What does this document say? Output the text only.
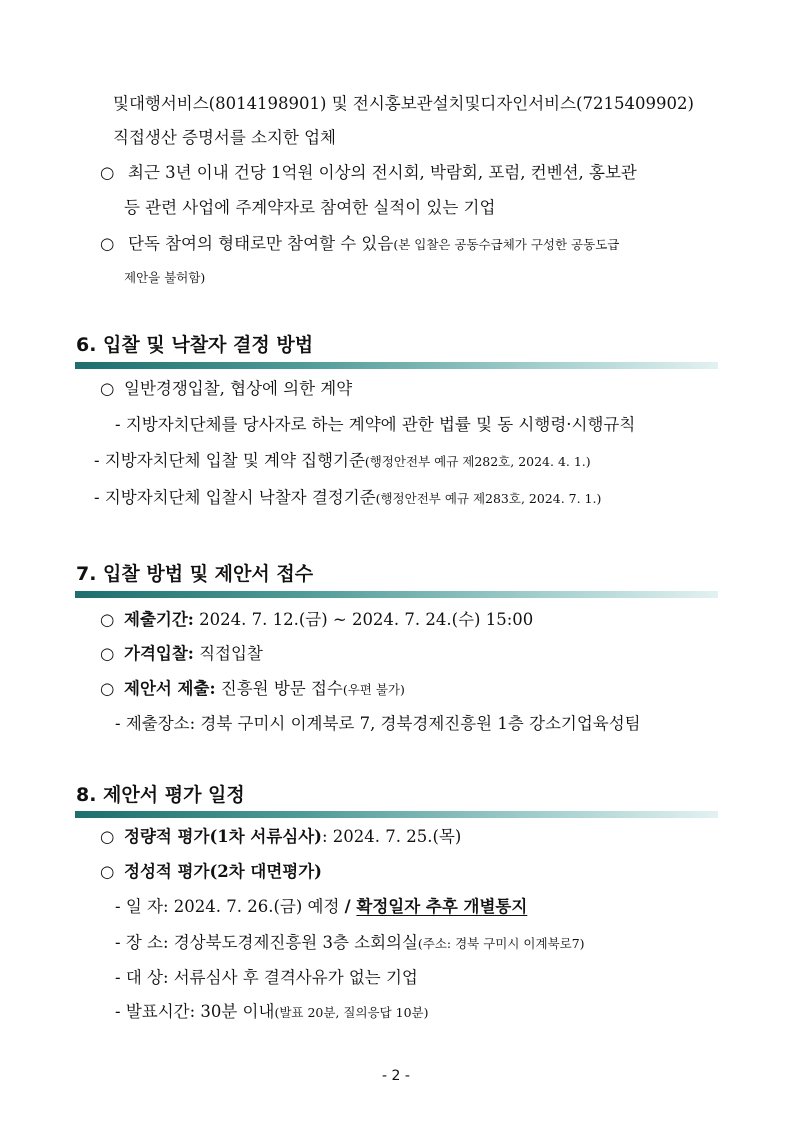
및대행서비스(8014198901) 및 전시홍보관설치및디자인서비스(7215409902)
직접생산 증명서를 소지한 업체
○ 최근 3년 이내 건당 1억원 이상의 전시회, 박람회, 포럼, 컨벤션, 홍보관
등 관련 사업에 주계약자로 참여한 실적이 있는 기업
○ 단독 참여의 형태로만 참여할 수 있음(본 입찰은 공동수급체가 구성한 공동도급
제안을 불허함)
6. 입찰 및 낙찰자 결정 방법
○ 일반경쟁입찰, 협상에 의한 계약
- 지방자치단체를 당사자로 하는 계약에 관한 법률 및 동 시행령·시행규칙
- 지방자치단체 입찰 및 계약 집행기준(행정안전부 예규 제282호, 2024. 4. 1.)
- 지방자치단체 입찰시 낙찰자 결정기준(행정안전부 예규 제283호, 2024. 7. 1.)
7. 입찰 방법 및 제안서 접수
○ 제출기간: 2024. 7. 12.(금) ~ 2024. 7. 24.(수) 15:00
○ 가격입찰: 직접입찰
○ 제안서 제출: 진흥원 방문 접수(우편 불가)
- 제출장소: 경북 구미시 이계북로 7, 경북경제진흥원 1층 강소기업육성팀
8. 제안서 평가 일정
○ 정량적 평가(1차 서류심사): 2024. 7. 25.(목)
○ 정성적 평가(2차 대면평가)
- 일 자: 2024. 7. 26.(금) 예정 / 확정일자 추후 개별통지
- 장 소: 경상북도경제진흥원 3층 소회의실(주소: 경북 구미시 이계북로7)
- 대 상: 서류심사 후 결격사유가 없는 기업
- 발표시간: 30분 이내(발표 20분, 질의응답 10분)
- 2 -
